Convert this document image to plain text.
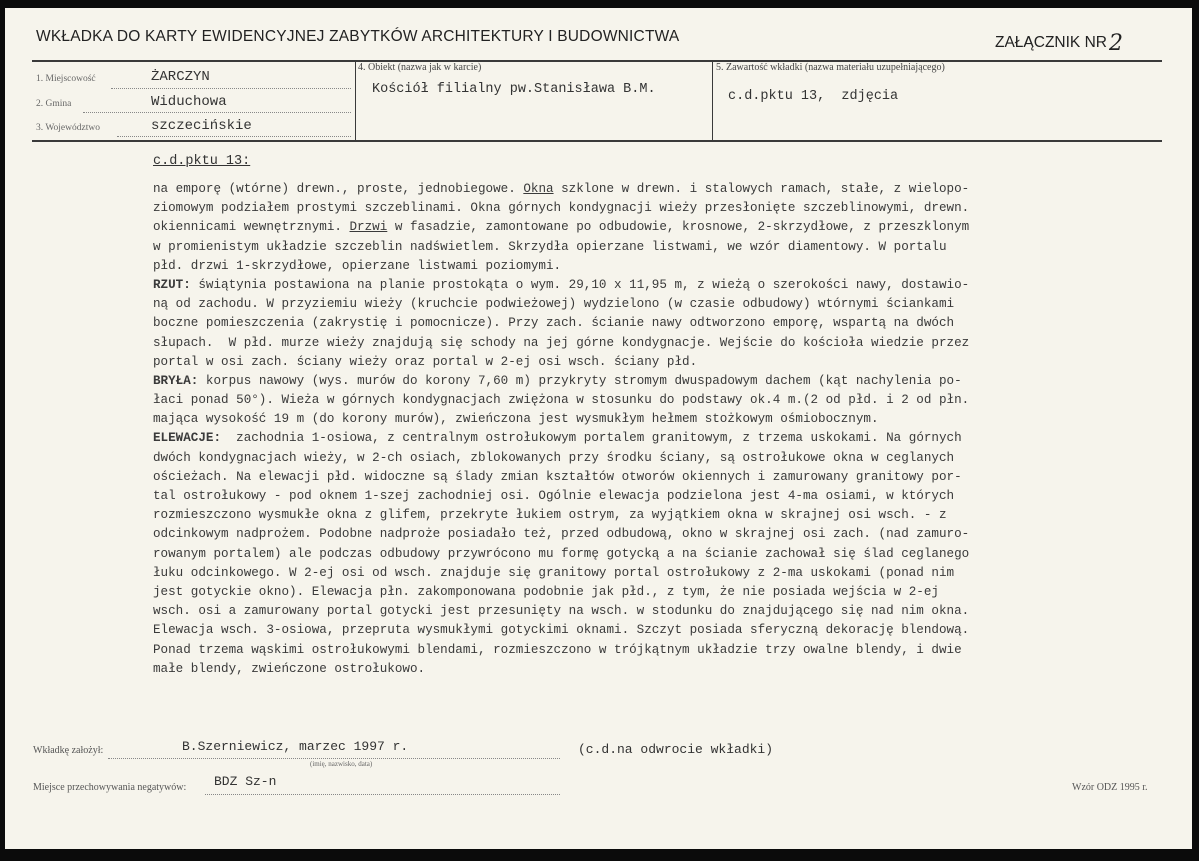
WKŁADKA DO KARTY EWIDENCYJNEJ ZABYTKÓW ARCHITEKTURY I BUDOWNICTWA	ZAŁĄCZNIK NR2
1. Miejscowość	ŻARCZYN
2. Gmina	Widuchowa
3. Województwo	szczecińskie
4. Obiekt (nazwa jak w karcie)
Kościół filialny pw.Stanisława B.M.
5. Zawartość wkładki (nazwa materiału uzupełniającego)
c.d.pktu 13,  zdjęcia
c.d.pktu 13:
na emporę (wtórne) drewn., proste, jednobiegowe. Okna szklone w drewn. i stalowych ramach, stałe, z wielopo-
ziomowym podziałem prostymi szczeblinami. Okna górnych kondygnacji wieży przesłonięte szczeblinowymi, drewn.
okiennicami wewnętrznymi. Drzwi w fasadzie, zamontowane po odbudowie, krosnowe, 2-skrzydłowe, z przeszklonym
w promienistym układzie szczeblin nadświetlem. Skrzydła opierzane listwami, we wzór diamentowy. W portalu
płd. drzwi 1-skrzydłowe, opierzane listwami poziomymi.
RZUT: świątynia postawiona na planie prostokąta o wym. 29,10 x 11,95 m, z wieżą o szerokości nawy, dostawio-
ną od zachodu. W przyziemiu wieży (kruchcie podwieżowej) wydzielono (w czasie odbudowy) wtórnymi ściankami
boczne pomieszczenia (zakrystię i pomocnicze). Przy zach. ścianie nawy odtworzono emporę, wspartą na dwóch
słupach.  W płd. murze wieży znajdują się schody na jej górne kondygnacje. Wejście do kościoła wiedzie przez
portal w osi zach. ściany wieży oraz portal w 2-ej osi wsch. ściany płd.
BRYŁA: korpus nawowy (wys. murów do korony 7,60 m) przykryty stromym dwuspadowym dachem (kąt nachylenia po-
łaci ponad 50°). Wieża w górnych kondygnacjach zwiężona w stosunku do podstawy ok.4 m.(2 od płd. i 2 od płn.
mająca wysokość 19 m (do korony murów), zwieńczona jest wysmukłym hełmem stożkowym ośmiobocznym.
ELEWACJE:  zachodnia 1-osiowa, z centralnym ostrołukowym portalem granitowym, z trzema uskokami. Na górnych
dwóch kondygnacjach wieży, w 2-ch osiach, zblokowanych przy środku ściany, są ostrołukowe okna w ceglanych
ościeżach. Na elewacji płd. widoczne są ślady zmian kształtów otworów okiennych i zamurowany granitowy por-
tal ostrołukowy - pod oknem 1-szej zachodniej osi. Ogólnie elewacja podzielona jest 4-ma osiami, w których
rozmieszczono wysmukłe okna z glifem, przekryte łukiem ostrym, za wyjątkiem okna w skrajnej osi wsch. - z
odcinkowym nadprożem. Podobne nadproże posiadało też, przed odbudową, okno w skrajnej osi zach. (nad zamuro-
rowanym portalem) ale podczas odbudowy przywrócono mu formę gotycką a na ścianie zachował się ślad ceglanego
łuku odcinkowego. W 2-ej osi od wsch. znajduje się granitowy portal ostrołukowy z 2-ma uskokami (ponad nim
jest gotyckie okno). Elewacja płn. zakomponowana podobnie jak płd., z tym, że nie posiada wejścia w 2-ej
wsch. osi a zamurowany portal gotycki jest przesunięty na wsch. w stodunku do znajdującego się nad nim okna.
Elewacja wsch. 3-osiowa, przepruta wysmukłymi gotyckimi oknami. Szczyt posiada sferyczną dekorację blendową.
Ponad trzema wąskimi ostrołukowymi blendami, rozmieszczono w trójkątnym układzie trzy owalne blendy, i dwie
małe blendy, zwieńczone ostrołukowo.
Wkładkę założył:	B.Szerniewicz, marzec 1997 r.
(imię, nazwisko, data)
(c.d.na odwrocie wkładki)
Miejsce przechowywania negatywów: BDZ Sz-n	Wzór ODZ 1995 r.
